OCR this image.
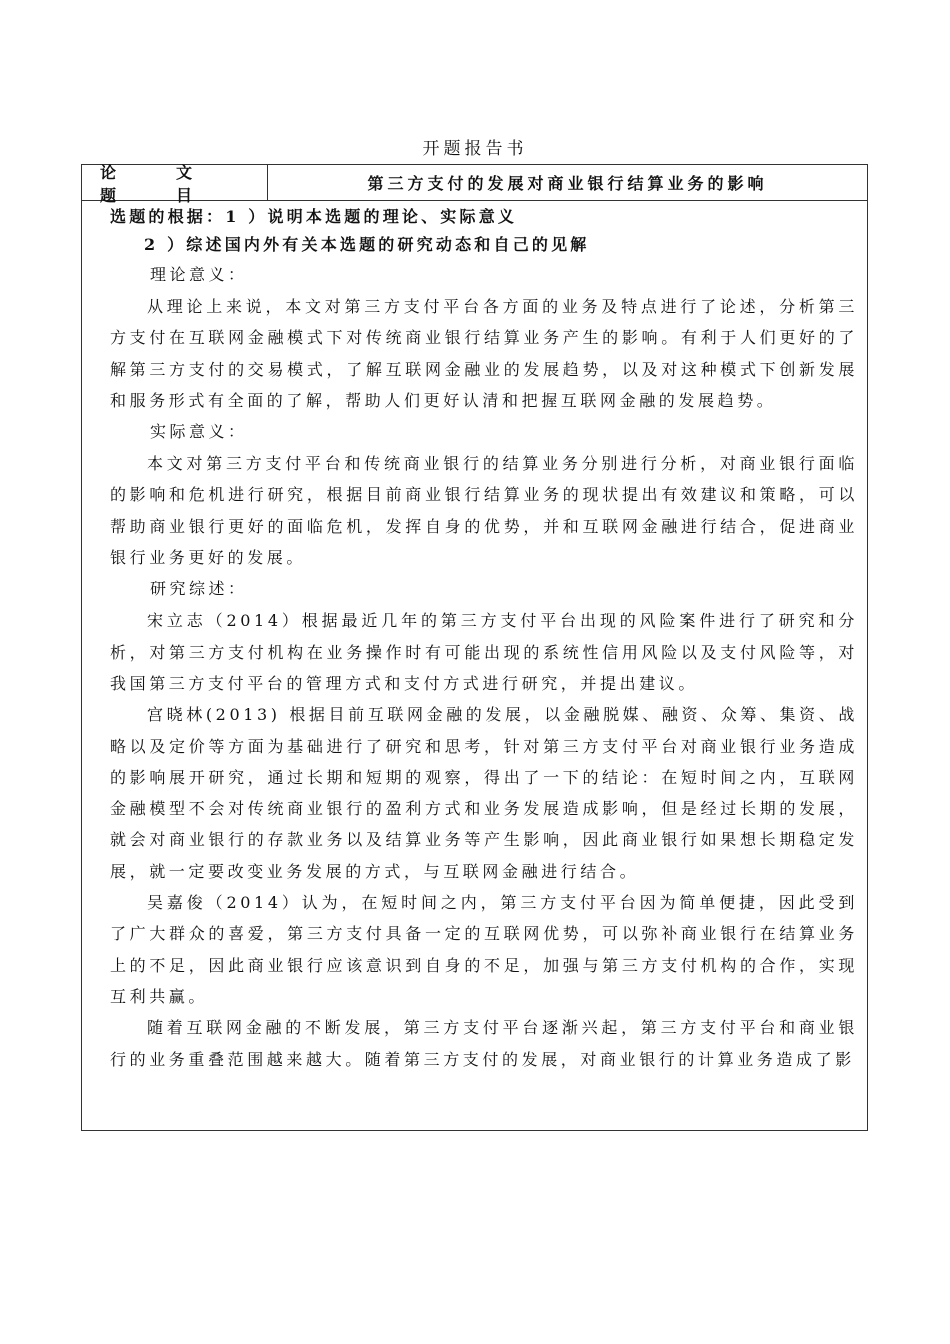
开题报告书
论　文　题　目
第三方支付的发展对商业银行结算业务的影响
选题的根据：1 ）说明本选题的理论、实际意义
2 ）综述国内外有关本选题的研究动态和自己的见解
理论意义：
从理论上来说，本文对第三方支付平台各方面的业务及特点进行了论述，分析第三方支付在互联网金融模式下对传统商业银行结算业务产生的影响。有利于人们更好的了解第三方支付的交易模式，了解互联网金融业的发展趋势，以及对这种模式下创新发展和服务形式有全面的了解，帮助人们更好认清和把握互联网金融的发展趋势。
实际意义：
本文对第三方支付平台和传统商业银行的结算业务分别进行分析，对商业银行面临的影响和危机进行研究，根据目前商业银行结算业务的现状提出有效建议和策略，可以帮助商业银行更好的面临危机，发挥自身的优势，并和互联网金融进行结合，促进商业银行业务更好的发展。
研究综述：
宋立志（2014）根据最近几年的第三方支付平台出现的风险案件进行了研究和分析，对第三方支付机构在业务操作时有可能出现的系统性信用风险以及支付风险等，对我国第三方支付平台的管理方式和支付方式进行研究，并提出建议。
宫晓林(2013) 根据目前互联网金融的发展，以金融脱媒、融资、众筹、集资、战略以及定价等方面为基础进行了研究和思考，针对第三方支付平台对商业银行业务造成的影响展开研究，通过长期和短期的观察，得出了一下的结论：在短时间之内，互联网金融模型不会对传统商业银行的盈利方式和业务发展造成影响，但是经过长期的发展，就会对商业银行的存款业务以及结算业务等产生影响，因此商业银行如果想长期稳定发展，就一定要改变业务发展的方式，与互联网金融进行结合。
吴嘉俊（2014）认为，在短时间之内，第三方支付平台因为简单便捷，因此受到了广大群众的喜爱，第三方支付具备一定的互联网优势，可以弥补商业银行在结算业务上的不足，因此商业银行应该意识到自身的不足，加强与第三方支付机构的合作，实现互利共赢。
随着互联网金融的不断发展，第三方支付平台逐渐兴起，第三方支付平台和商业银行的业务重叠范围越来越大。随着第三方支付的发展，对商业银行的计算业务造成了影
